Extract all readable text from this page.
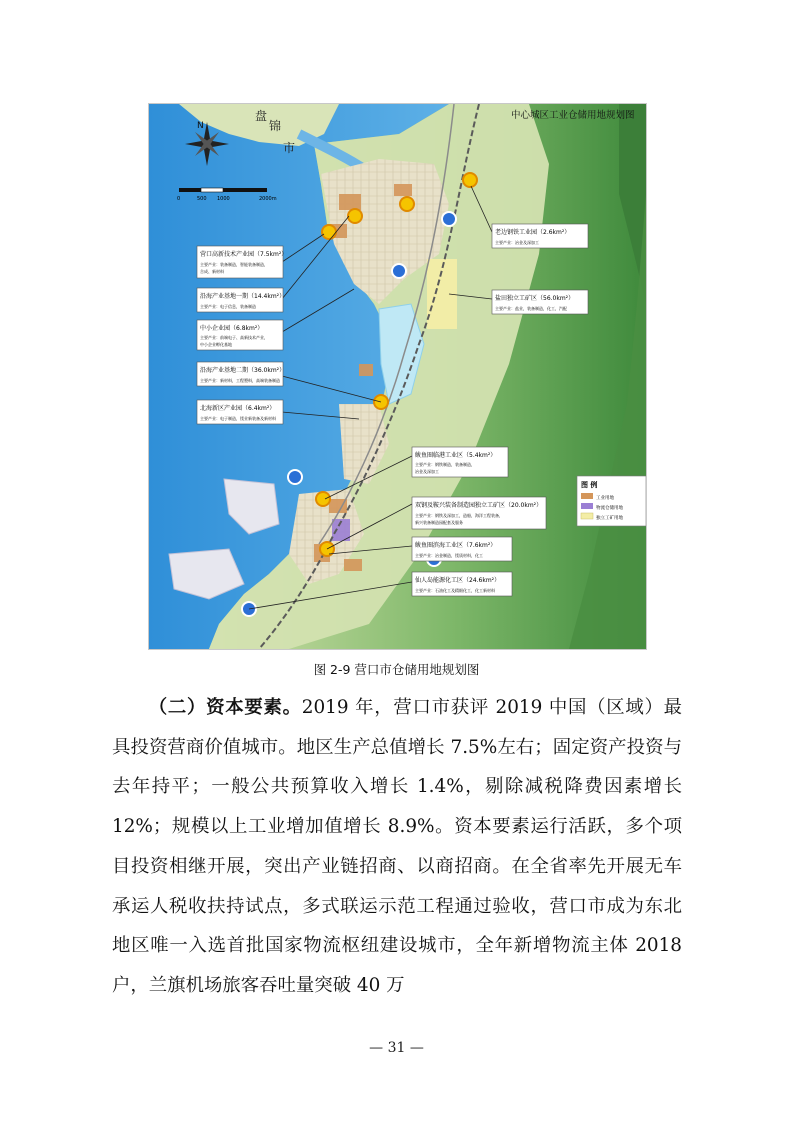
N
0	500 1000	2000m
盘
锦
市
中心城区工业仓储用地规划图
营口高新技术产业园（7.5km²）
主要产业：装备制造，智能装备制造，
合成、新材料
沿海产业基地一期（14.4km²）
主要产业：电子信息，装备制造
中小企业园（6.8km²）
主要产业：前端电子、高新技术产业，
中小企业孵化基地
沿海产业基地二期（36.0km²）
主要产业：新材料，工程塑料，高端装备制造
北海新区产业园（6.4km²）
主要产业：电子制造，镁业新装备及新材料
老边钢铁工业园（2.6km²）
主要产业：冶金及深加工
盐田独立工矿区（56.0km²）
主要产业：盐业，装备制造，化工，汽配
鲅鱼圈临港工业区（5.4km²）
主要产业：钢铁制造，装备制造，
冶金及深加工
双钢及鞍兴装备制造园独立工矿区（20.0km²）
主要产业：钢铁及深加工，造船，海洋工程装备，
新兴装备制造园配套及服务
鲅鱼圈滨海工业区（7.6km²）
主要产业：冶金制造，镁质材料，化工
仙人岛能源化工区（24.6km²）
主要产业：石油化工及精细化工，化工新材料
图 例
工业用地
物流仓储用地
独立工矿用地
图 2-9 营口市仓储用地规划图

（二）资本要素。2019 年，营口市获评 2019 中国（区域）最具投资营商价值城市。地区生产总值增长 7.5%左右；固定资产投资与去年持平；一般公共预算收入增长 1.4%，剔除减税降费因素增长 12%；规模以上工业增加值增长 8.9%。资本要素运行活跃，多个项目投资相继开展，突出产业链招商、以商招商。在全省率先开展无车承运人税收扶持试点，多式联运示范工程通过验收，营口市成为东北地区唯一入选首批国家物流枢纽建设城市，全年新增物流主体 2018 户，兰旗机场旅客吞吐量突破 40 万

— 31 —
